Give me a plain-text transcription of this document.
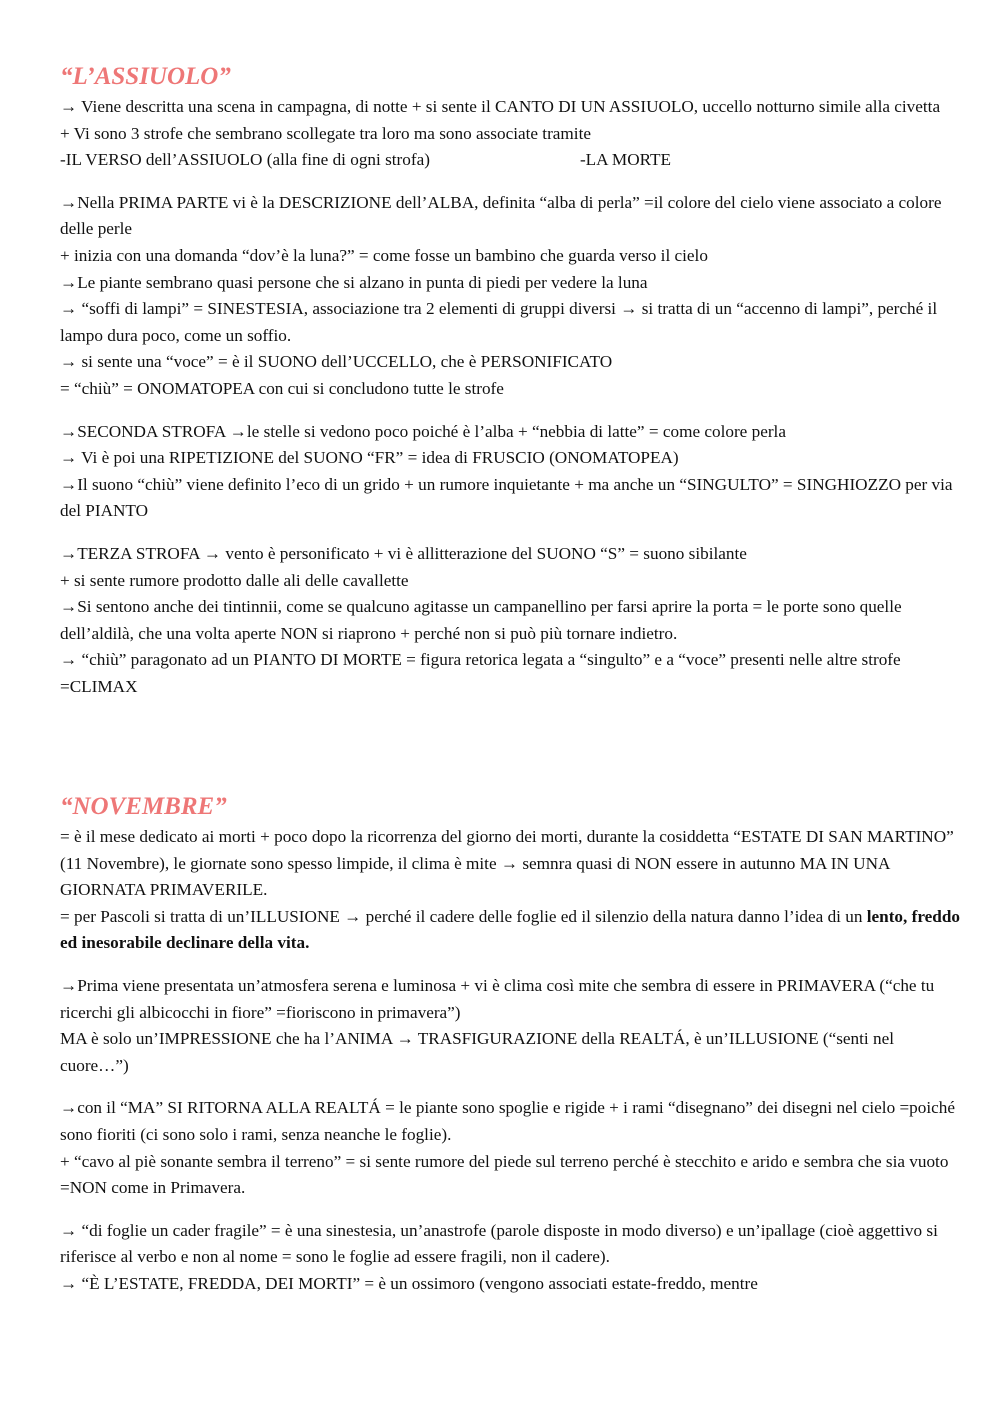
“L’ASSIUOLO”
→ Viene descritta una scena in campagna, di notte + si sente il CANTO DI UN ASSIUOLO, uccello notturno simile alla civetta
+ Vi sono 3 strofe che sembrano scollegate tra loro ma sono associate tramite
-IL VERSO dell’ASSIUOLO (alla fine di ogni strofa)	-LA MORTE
→Nella PRIMA PARTE vi è la DESCRIZIONE dell’ALBA, definita “alba di perla” =il colore del cielo viene associato a colore delle perle
+ inizia con una domanda “dov’è la luna?” = come fosse un bambino che guarda verso il cielo
→Le piante sembrano quasi persone che si alzano in punta di piedi per vedere la luna
→ “soffi di lampi” = SINESTESIA, associazione tra 2 elementi di gruppi diversi → si tratta di un “accenno di lampi”, perché il lampo dura poco, come un soffio.
→ si sente una “voce” = è il SUONO dell’UCCELLO, che è PERSONIFICATO
= “chiù” = ONOMATOPEA con cui si concludono tutte le strofe
→SECONDA STROFA →le stelle si vedono poco poiché è l’alba + “nebbia di latte” = come colore perla
→ Vi è poi una RIPETIZIONE del SUONO “FR” = idea di FRUSCIO (ONOMATOPEA)
→Il suono “chiù” viene definito l’eco di un grido + un rumore inquietante + ma anche un “SINGULTO” = SINGHIOZZO per via del PIANTO
→TERZA STROFA → vento è personificato + vi è allitterazione del SUONO “S” = suono sibilante
+ si sente rumore prodotto dalle ali delle cavallette
→Si sentono anche dei tintinnii, come se qualcuno agitasse un campanellino per farsi aprire la porta = le porte sono quelle dell’aldilà, che una volta aperte NON si riaprono + perché non si può più tornare indietro.
→ “chiù” paragonato ad un PIANTO DI MORTE = figura retorica legata a “singulto” e a “voce” presenti nelle altre strofe =CLIMAX
“NOVEMBRE”
= è il mese dedicato ai morti + poco dopo la ricorrenza del giorno dei morti, durante la cosiddetta “ESTATE DI SAN MARTINO” (11 Novembre), le giornate sono spesso limpide, il clima è mite → semnra quasi di NON essere in autunno MA IN UNA GIORNATA PRIMAVERILE.
= per Pascoli si tratta di un’ILLUSIONE → perché il cadere delle foglie ed il silenzio della natura danno l’idea di un lento, freddo ed inesorabile declinare della vita.
→Prima viene presentata un’atmosfera serena e luminosa + vi è clima così mite che sembra di essere in PRIMAVERA (“che tu ricerchi gli albicocchi in fiore” =fioriscono in primavera”)
MA è solo un’IMPRESSIONE che ha l’ANIMA → TRASFIGURAZIONE della REALTÁ, è un’ILLUSIONE (“senti nel cuore…”)
→con il “MA” SI RITORNA ALLA REALTÁ = le piante sono spoglie e rigide + i rami “disegnano” dei disegni nel cielo =poiché sono fioriti (ci sono solo i rami, senza neanche le foglie).
+ “cavo al piè sonante sembra il terreno” = si sente rumore del piede sul terreno perché è stecchito e arido e sembra che sia vuoto =NON come in Primavera.
→ “di foglie un cader fragile” = è una sinestesia, un’anastrofe (parole disposte in modo diverso) e un’ipallage (cioè aggettivo si riferisce al verbo e non al nome = sono le foglie ad essere fragili, non il cadere).
→ “È L’ESTATE, FREDDA, DEI MORTI” = è un ossimoro (vengono associati estate-freddo, mentre
